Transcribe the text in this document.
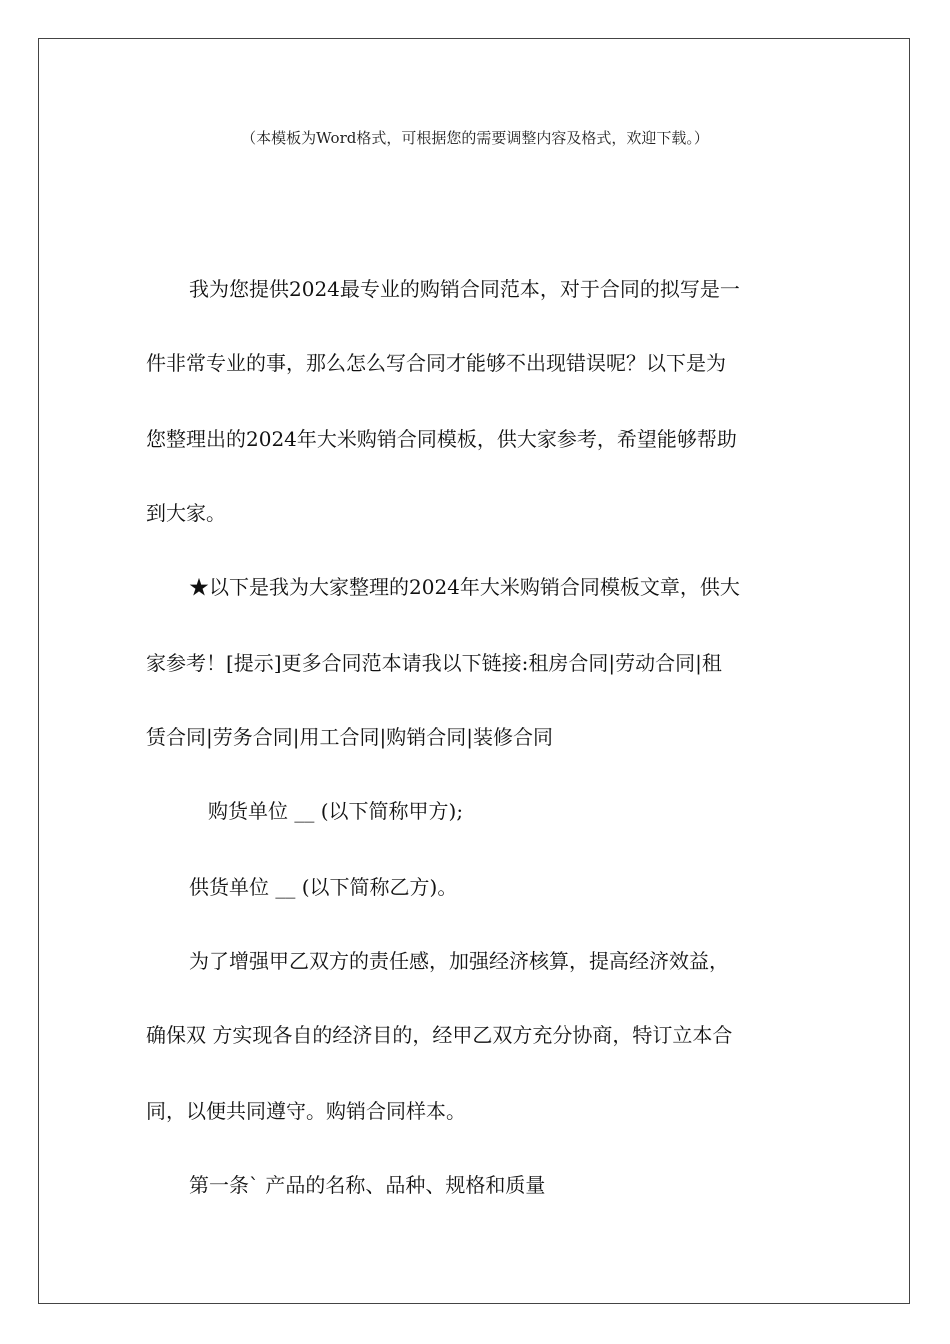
（本模板为Word格式，可根据您的需要调整内容及格式，欢迎下载。）
我为您提供2024最专业的购销合同范本，对于合同的拟写是一
件非常专业的事，那么怎么写合同才能够不出现错误呢？以下是为
您整理出的2024年大米购销合同模板，供大家参考，希望能够帮助
到大家。
★以下是我为大家整理的2024年大米购销合同模板文章，供大
家参考！[提示]更多合同范本请我以下链接:租房合同|劳动合同|租
赁合同|劳务合同|用工合同|购销合同|装修合同
购货单位 __ (以下简称甲方);
供货单位 __ (以下简称乙方)。
为了增强甲乙双方的责任感，加强经济核算，提高经济效益，
确保双 方实现各自的经济目的，经甲乙双方充分协商，特订立本合
同，以便共同遵守。购销合同样本。
第一条` 产品的名称、品种、规格和质量
